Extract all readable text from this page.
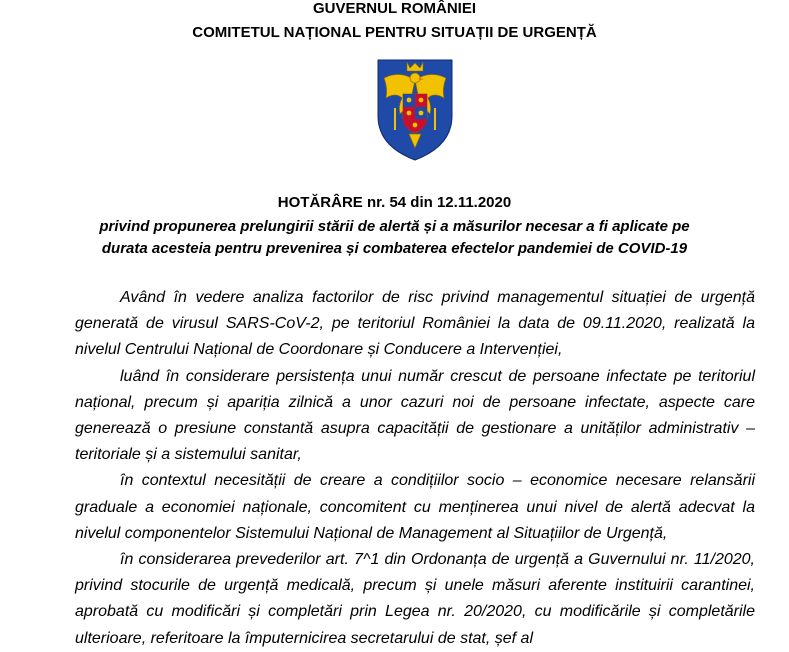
GUVERNUL ROMÂNIEI
COMITETUL NAȚIONAL PENTRU SITUAȚII DE URGENȚĂ
HOTĂRÂRE nr. 54 din 12.11.2020
privind propunerea prelungirii stării de alertă și a măsurilor necesar a fi aplicate pe
durata acesteia pentru prevenirea și combaterea efectelor pandemiei de COVID-19

Având în vedere analiza factorilor de risc privind managementul situației de urgență generată de virusul SARS-CoV-2, pe teritoriul României la data de 09.11.2020, realizată la nivelul Centrului Național de Coordonare și Conducere a Intervenției,

luând în considerare persistența unui număr crescut de persoane infectate pe teritoriul național, precum și apariția zilnică a unor cazuri noi de persoane infectate, aspecte care generează o presiune constantă asupra capacității de gestionare a unităților administrativ – teritoriale și a sistemului sanitar,

în contextul necesității de creare a condițiilor socio – economice necesare relansării graduale a economiei naționale, concomitent cu menținerea unui nivel de alertă adecvat la nivelul componentelor Sistemului Național de Management al Situațiilor de Urgență,

în considerarea prevederilor art. 7^1 din Ordonanța de urgență a Guvernului nr. 11/2020, privind stocurile de urgență medicală, precum și unele măsuri aferente instituirii carantinei, aprobată cu modificări și completări prin Legea nr. 20/2020, cu modificările și completările ulterioare, referitoare la împuternicirea secretarului de stat, șef al
